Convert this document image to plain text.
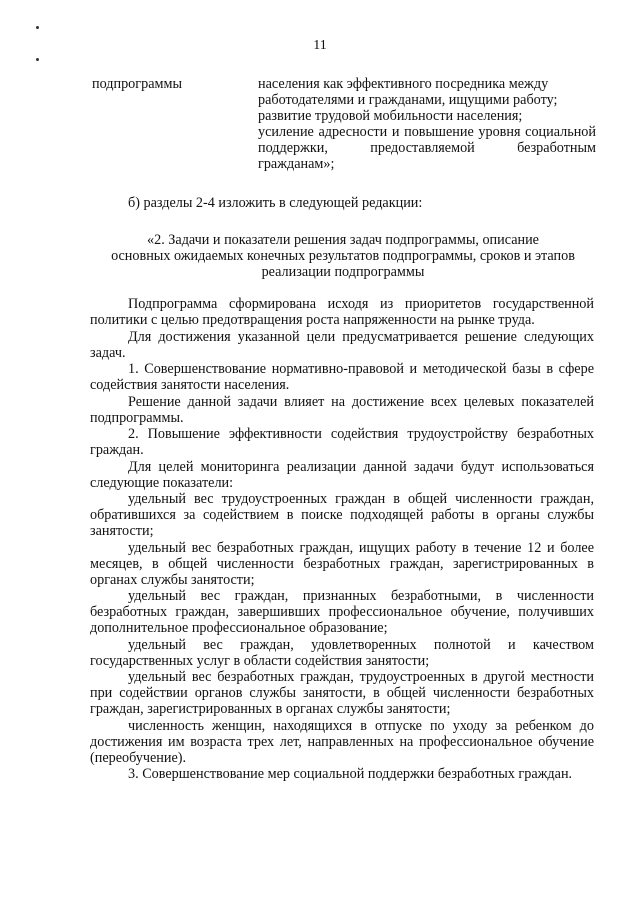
11
подпрограммы	населения как эффективного посредника между

работодателями и гражданами, ищущими работу;

развитие трудовой мобильности населения;

усиление адресности и повышение уровня социальной поддержки, предоставляемой безработным гражданам»;

б) разделы 2-4 изложить в следующей редакции:

«2. Задачи и показатели решения задач подпрограммы, описание

основных ожидаемых конечных результатов подпрограммы, сроков и этапов

реализации подпрограммы

Подпрограмма сформирована исходя из приоритетов государственной политики с целью предотвращения роста напряженности на рынке труда.

Для достижения указанной цели предусматривается решение следующих задач.

1. Совершенствование нормативно-правовой и методической базы в сфере содействия занятости населения.

Решение данной задачи влияет на достижение всех целевых показателей подпрограммы.

2. Повышение эффективности содействия трудоустройству безработных граждан.

Для целей мониторинга реализации данной задачи будут использоваться следующие показатели:

удельный вес трудоустроенных граждан в общей численности граждан, обратившихся за содействием в поиске подходящей работы в органы службы занятости;

удельный вес безработных граждан, ищущих работу в течение 12 и более месяцев, в общей численности безработных граждан, зарегистрированных в органах службы занятости;

удельный вес граждан, признанных безработными, в численности безработных граждан, завершивших профессиональное обучение, получивших дополнительное профессиональное образование;

удельный вес граждан, удовлетворенных полнотой и качеством государственных услуг в области содействия занятости;

удельный вес безработных граждан, трудоустроенных в другой местности при содействии органов службы занятости, в общей численности безработных граждан, зарегистрированных в органах службы занятости;

численность женщин, находящихся в отпуске по уходу за ребенком до достижения им возраста трех лет, направленных на профессиональное обучение (переобучение).

3. Совершенствование мер социальной поддержки безработных граждан.
